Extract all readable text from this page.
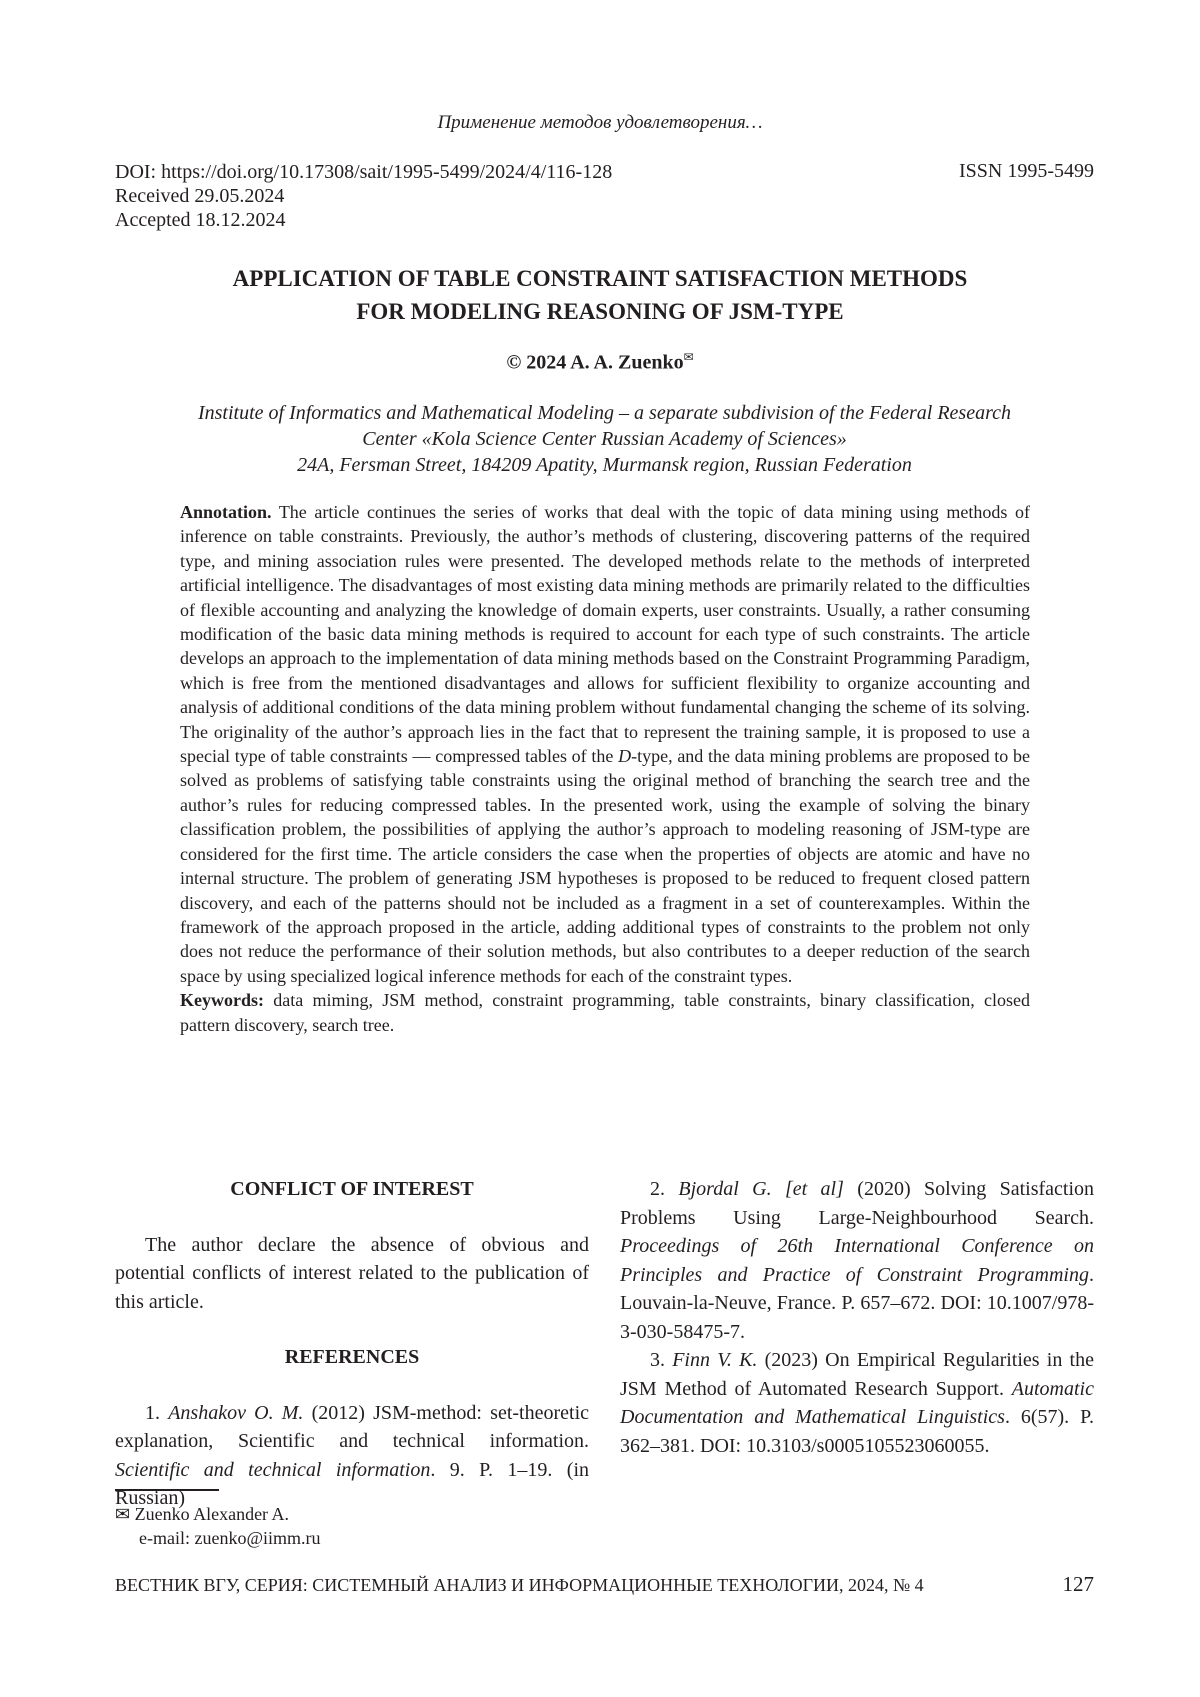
Применение методов удовлетворения…
DOI: https://doi.org/10.17308/sait/1995-5499/2024/4/116-128
Received 29.05.2024
Accepted 18.12.2024
ISSN 1995-5499
APPLICATION OF TABLE CONSTRAINT SATISFACTION METHODS
FOR MODELING REASONING OF JSM-TYPE
© 2024 A. A. Zuenko✉
Institute of Informatics and Mathematical Modeling – a separate subdivision of the Federal Research
Center «Kola Science Center Russian Academy of Sciences»
24A, Fersman Street, 184209 Apatity, Murmansk region, Russian Federation

Annotation. The article continues the series of works that deal with the topic of data mining using methods of inference on table constraints. Previously, the author’s methods of clustering, discovering patterns of the required type, and mining association rules were presented. The developed methods relate to the methods of interpreted artificial intelligence. The disadvantages of most existing data mining methods are primarily related to the difficulties of flexible accounting and analyzing the knowledge of domain experts, user constraints. Usually, a rather consuming modification of the basic data mining methods is required to account for each type of such constraints. The article develops an approach to the implementation of data mining methods based on the Constraint Programming Paradigm, which is free from the mentioned disadvantages and allows for sufficient flexibility to organize accounting and analysis of additional conditions of the data mining problem without fundamental changing the scheme of its solving. The originality of the author’s approach lies in the fact that to represent the training sample, it is proposed to use a special type of table constraints — compressed tables of the D-type, and the data mining problems are proposed to be solved as problems of satisfying table constraints using the original method of branching the search tree and the author’s rules for reducing compressed tables. In the presented work, using the example of solving the binary classification problem, the possibilities of applying the author’s approach to modeling reasoning of JSM-type are considered for the first time. The article considers the case when the properties of objects are atomic and have no internal structure. The problem of generating JSM hypotheses is proposed to be reduced to frequent closed pattern discovery, and each of the patterns should not be included as a fragment in a set of counterexamples. Within the framework of the approach proposed in the article, adding additional types of constraints to the problem not only does not reduce the performance of their solution methods, but also contributes to a deeper reduction of the search space by using specialized logical inference methods for each of the constraint types.

Keywords: data miming, JSM method, constraint programming, table constraints, binary classification, closed pattern discovery, search tree.

CONFLICT OF INTEREST

The author declare the absence of obvious and potential conflicts of interest related to the publication of this article.

REFERENCES

1. Anshakov O. M. (2012) JSM-method: set-theoretic explanation, Scientific and technical information. Scientific and technical information. 9. P. 1–19. (in Russian)

2. Bjordal G. [et al] (2020) Solving Satisfaction Problems Using Large-Neighbourhood Search. Proceedings of 26th International Conference on Principles and Practice of Constraint Programming. Louvain-la-Neuve, France. P. 657–672. DOI: 10.1007/978-3-030-58475-7.

3. Finn V. K. (2023) On Empirical Regularities in the JSM Method of Automated Research Support. Automatic Documentation and Mathematical Linguistics. 6(57). P. 362–381. DOI: 10.3103/s0005105523060055.

✉ Zuenko Alexander A.
e-mail: zuenko@iimm.ru
ВЕСТНИК ВГУ, СЕРИЯ: СИСТЕМНЫЙ АНАЛИЗ И ИНФОРМАЦИОННЫЕ ТЕХНОЛОГИИ, 2024, № 4	127
